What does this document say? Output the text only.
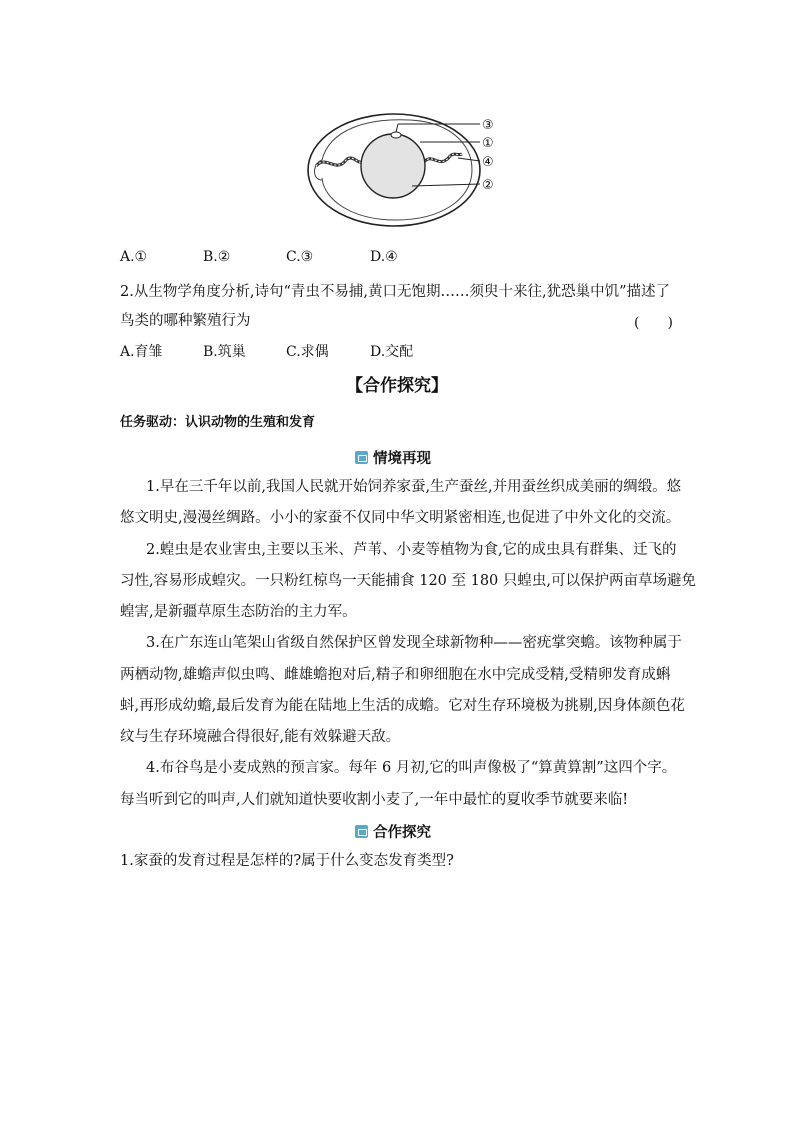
③
①
④
②
A.①	B.②	C.③	D.④
2.从生物学角度分析,诗句“青虫不易捕,黄口无饱期……须臾十来往,犹恐巢中饥”描述了
鸟类的哪种繁殖行为	(　　)
A.育雏	B.筑巢	C.求偶	D.交配
【合作探究】
任务驱动：认识动物的生殖和发育
情境再现
1.早在三千年以前,我国人民就开始饲养家蚕,生产蚕丝,并用蚕丝织成美丽的绸缎。悠
悠文明史,漫漫丝绸路。小小的家蚕不仅同中华文明紧密相连,也促进了中外文化的交流。
2.蝗虫是农业害虫,主要以玉米、芦苇、小麦等植物为食,它的成虫具有群集、迁飞的
习性,容易形成蝗灾。一只粉红椋鸟一天能捕食 120 至 180 只蝗虫,可以保护两亩草场避免
蝗害,是新疆草原生态防治的主力军。
3.在广东连山笔架山省级自然保护区曾发现全球新物种——密疣掌突蟾。该物种属于
两栖动物,雄蟾声似虫鸣、雌雄蟾抱对后,精子和卵细胞在水中完成受精,受精卵发育成蝌
蚪,再形成幼蟾,最后发育为能在陆地上生活的成蟾。它对生存环境极为挑剔,因身体颜色花
纹与生存环境融合得很好,能有效躲避天敌。
4.布谷鸟是小麦成熟的预言家。每年 6 月初,它的叫声像极了“算黄算割”这四个字。
每当听到它的叫声,人们就知道快要收割小麦了,一年中最忙的夏收季节就要来临!
合作探究
1.家蚕的发育过程是怎样的?属于什么变态发育类型?
